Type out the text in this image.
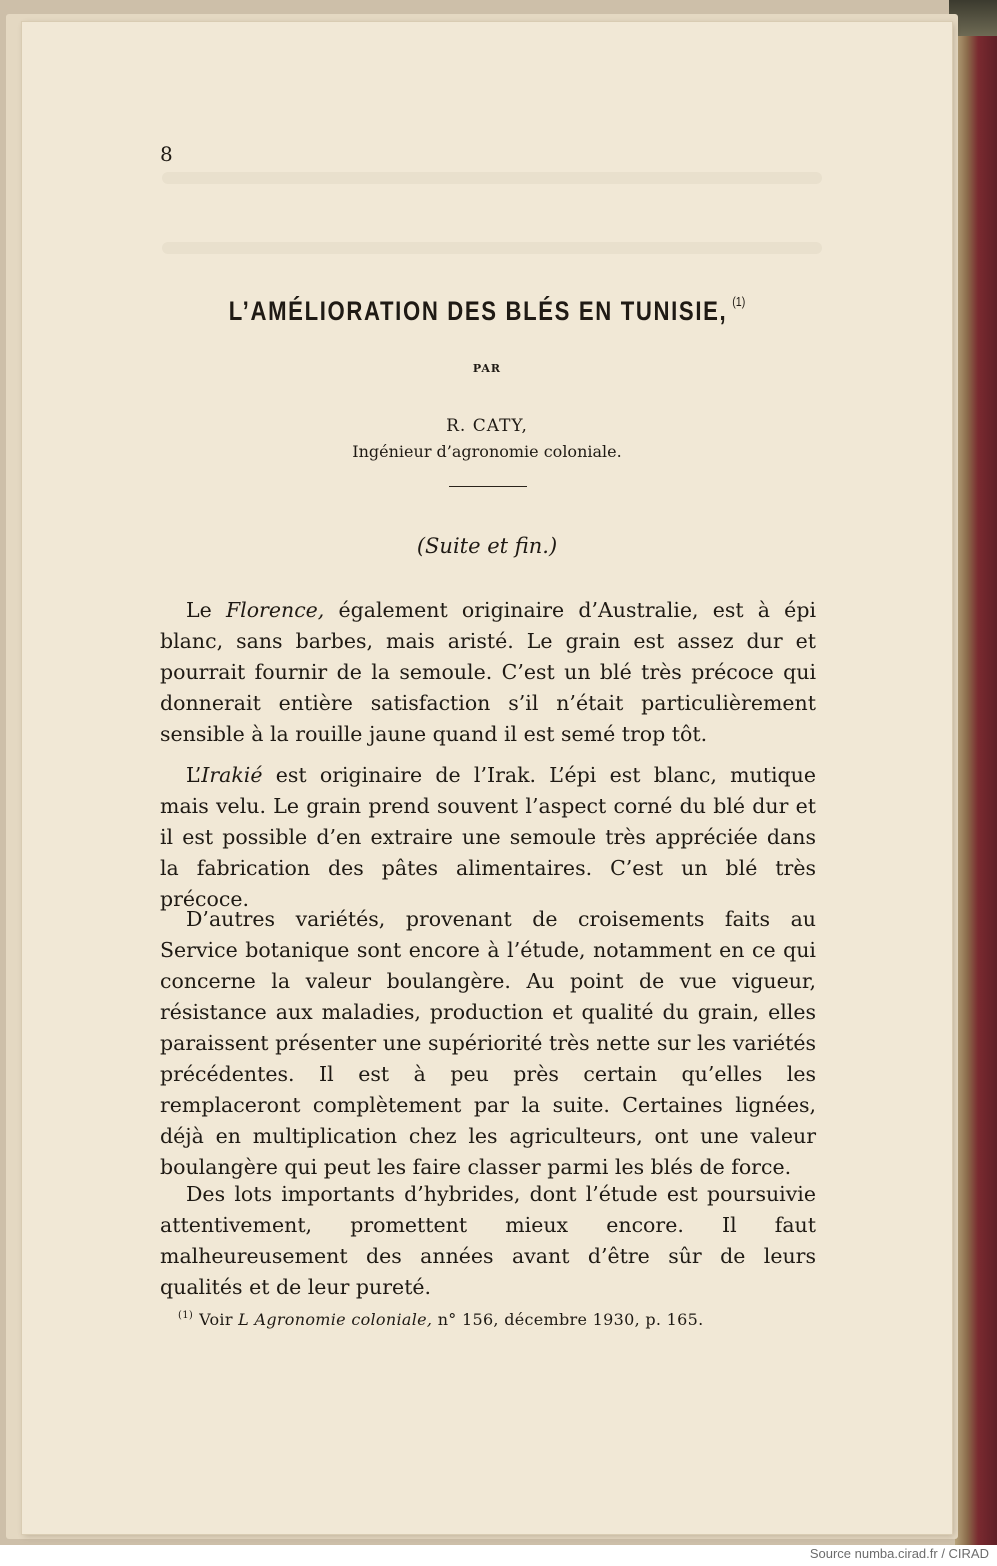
8
L’AMÉLIORATION DES BLÉS EN TUNISIE, $^{(1)}$
PAR
R. CATY,
Ingénieur d’agronomie coloniale.
(Suite et fin.)

Le Florence, également originaire d’Australie, est à épi blanc, sans barbes, mais aristé. Le grain est assez dur et pourrait fournir de la semoule. C’est un blé très précoce qui donnerait entière satisfaction s’il n’était particulièrement sensible à la rouille jaune quand il est semé trop tôt.

L’Irakié est originaire de l’Irak. L’épi est blanc, mutique mais velu. Le grain prend souvent l’aspect corné du blé dur et il est possible d’en extraire une semoule très appréciée dans la fabrication des pâtes alimentaires. C’est un blé très précoce.

D’autres variétés, provenant de croisements faits au Service botanique sont encore à l’étude, notamment en ce qui concerne la valeur boulangère. Au point de vue vigueur, résistance aux maladies, production et qualité du grain, elles paraissent présenter une supériorité très nette sur les variétés précédentes. Il est à peu près certain qu’elles les remplaceront complètement par la suite. Certaines lignées, déjà en multiplication chez les agriculteurs, ont une valeur boulangère qui peut les faire classer parmi les blés de force.

Des lots importants d’hybrides, dont l’étude est poursuivie attentivement, promettent mieux encore. Il faut malheureusement des années avant d’être sûr de leurs qualités et de leur pureté.

$^{(1)}$ Voir L Agronomie coloniale, n° 156, décembre 1930, p. 165.
Source numba.cirad.fr / CIRAD
